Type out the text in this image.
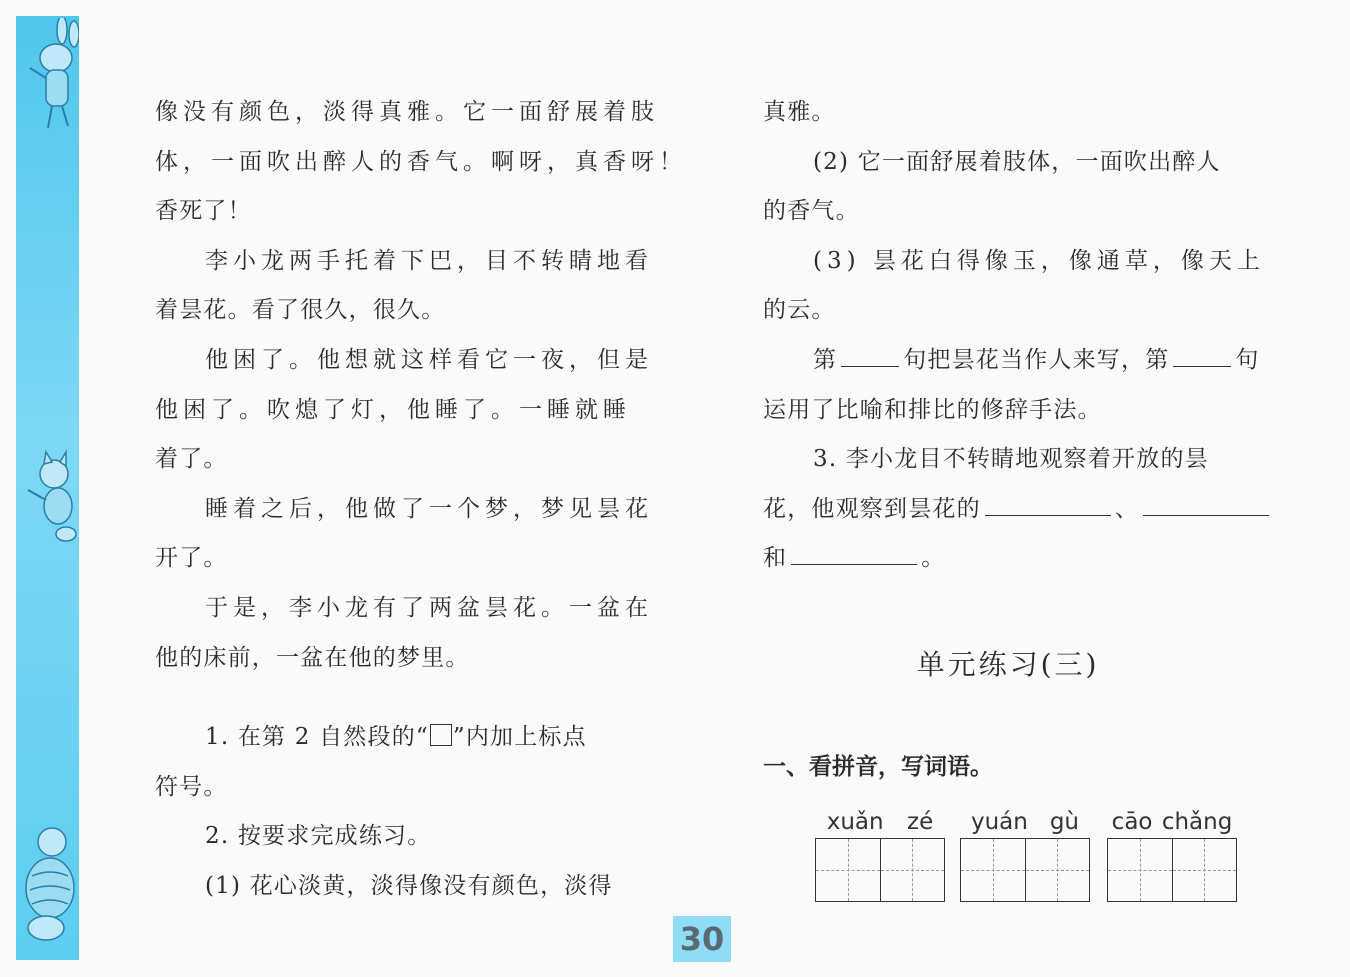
像没有颜色，淡得真雅。它一面舒展着肢

体，一面吹出醉人的香气。啊呀，真香呀！

香死了！

李小龙两手托着下巴，目不转睛地看

着昙花。看了很久，很久。

他困了。他想就这样看它一夜，但是

他困了。吹熄了灯，他睡了。一睡就睡

着了。

睡着之后，他做了一个梦，梦见昙花

开了。

于是，李小龙有了两盆昙花。一盆在

他的床前，一盆在他的梦里。

1. 在第 2 自然段的“ ”内加上标点

符号。

2. 按要求完成练习。

(1) 花心淡黄，淡得像没有颜色，淡得

真雅。

(2) 它一面舒展着肢体，一面吹出醉人

的香气。

(3) 昙花白得像玉，像通草，像天上

的云。

第	句把昙花当作人来写，第	句

运用了比喻和排比的修辞手法。

3. 李小龙目不转睛地观察着开放的昙

花，他观察到昙花的	、

和	。

单元练习(三)
一、看拼音，写词语。
xuǎn zé yuán gù cāo chǎng
30
